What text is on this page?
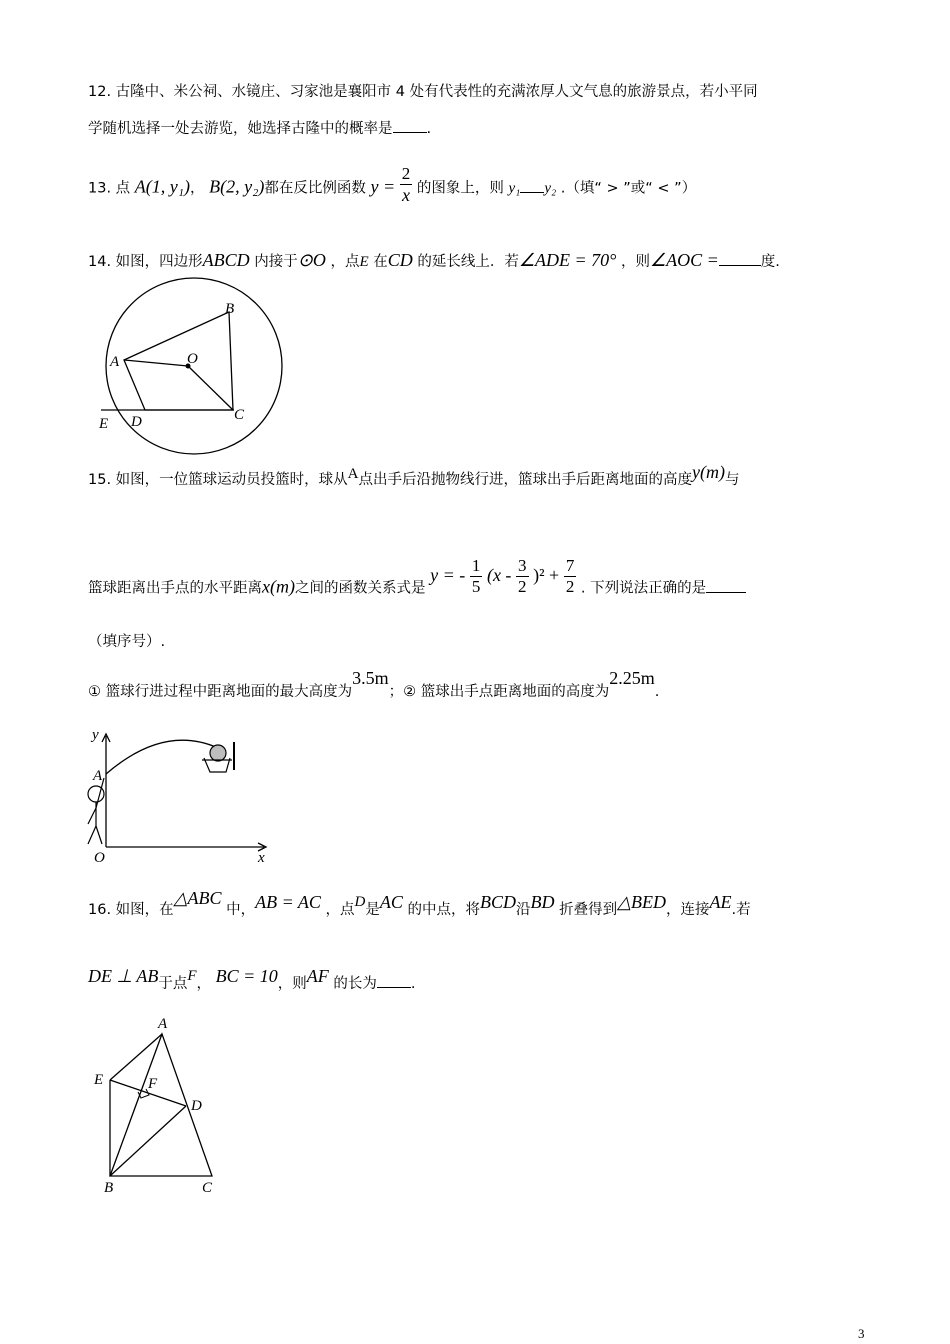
12. 古隆中、米公祠、水镜庄、习家池是襄阳市 4 处有代表性的充满浓厚人文气息的旅游景点，若小平同
学随机选择一处去游览，她选择古隆中的概率是 .
13. 点 A(1, y₁)， B(2, y₂)都在反比例函数 $y = \frac{2}{x}$ 的图象上，则 y₁ y₂ .（填“ > ”或“ < ”）
14. 如图，四边形ABCD 内接于⊙O ，点E 在CD 的延长线上．若∠ADE = 70° ，则∠AOC =	度.
A
B
O
C
D
E
15. 如图，一位篮球运动员投篮时，球从A点出手后沿抛物线行进，篮球出手后距离地面的高度y(m)与
篮球距离出手点的水平距离x(m)之间的函数关系式是 y = - $\frac{1}{5} (x - \frac{3}{2} )^2 + \frac{7}{2}$ . 下列说法正确的是
（填序号）.
① 篮球行进过程中距离地面的最大高度为3.5m；② 篮球出手点距离地面的高度为2.25m.
y
A
O	x
16. 如图，在△ABC 中，AB = AC ，点D是AC 的中点，将BCD沿BD 折叠得到△BED，连接AE.若
DE ⊥ AB于点F， BC = 10，则AF 的长为 .
A
E	F
D
B	C
3
